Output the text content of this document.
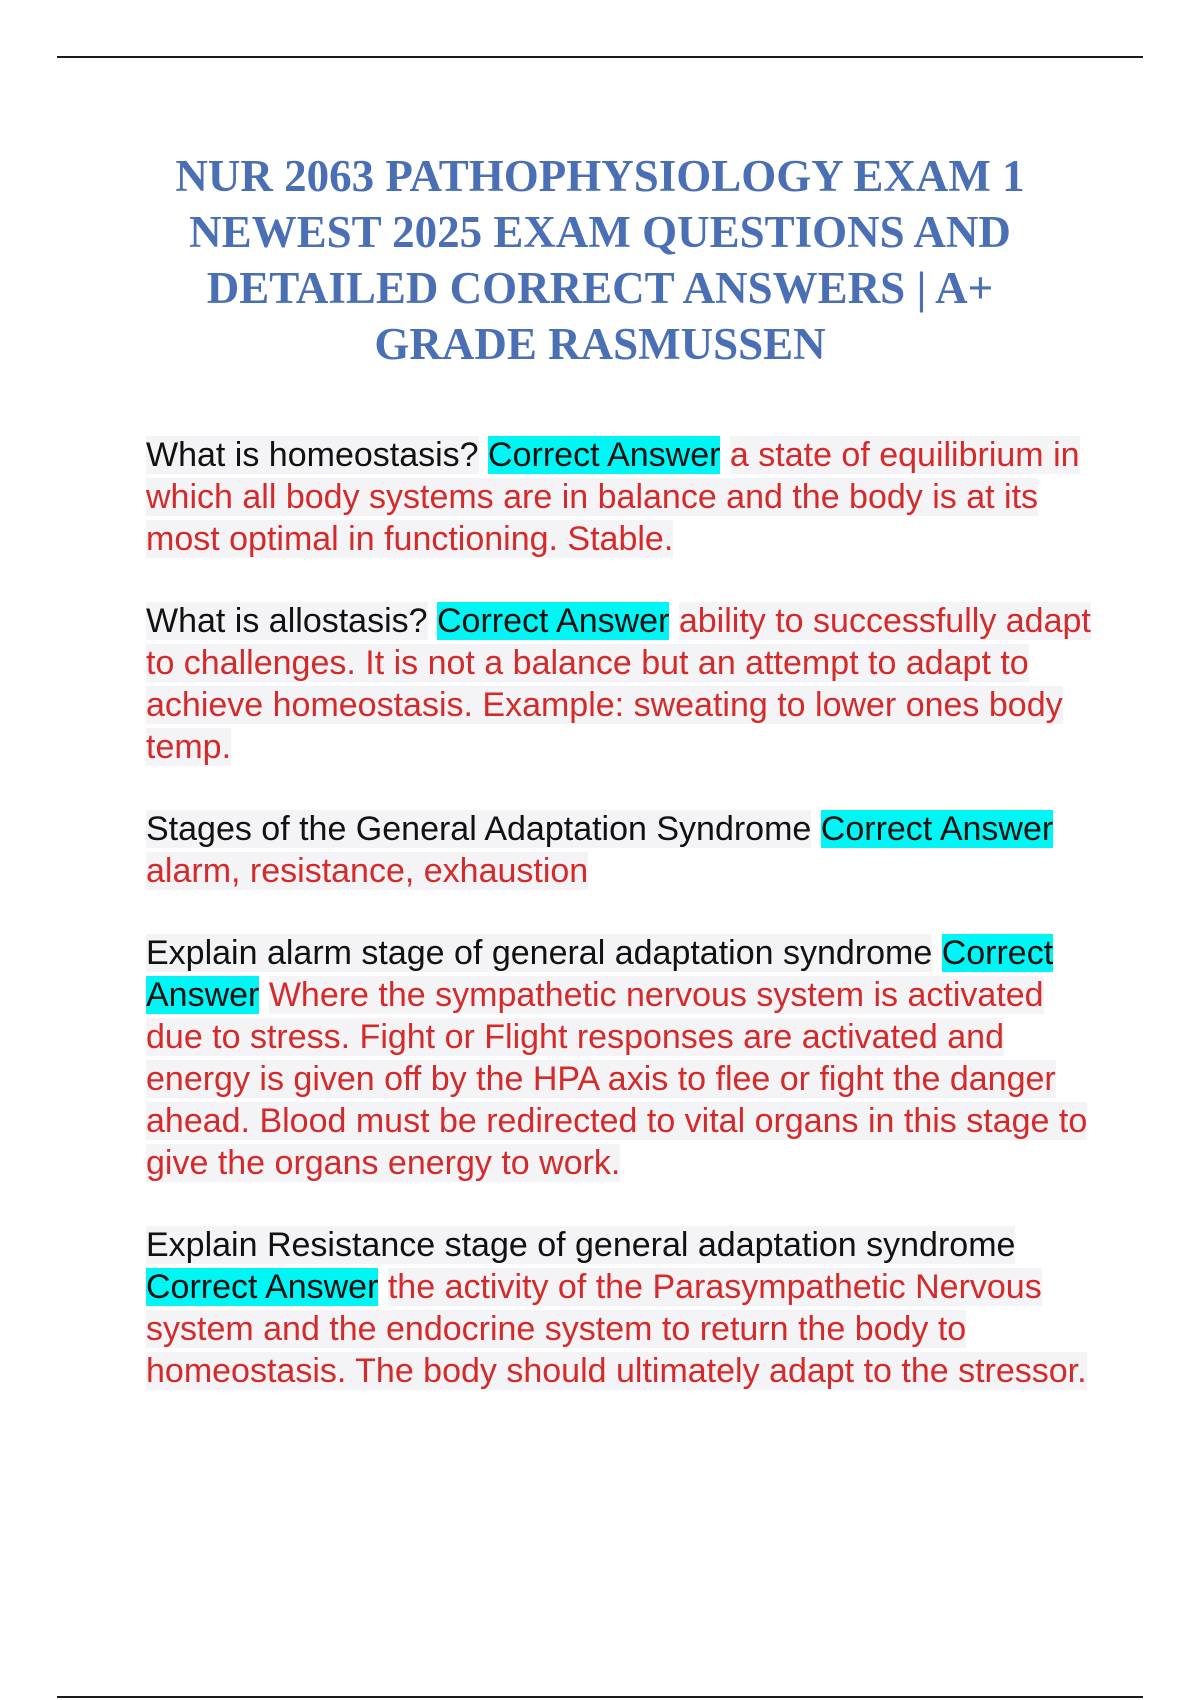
NUR 2063 PATHOPHYSIOLOGY EXAM 1 NEWEST 2025 EXAM QUESTIONS AND DETAILED CORRECT ANSWERS | A+ GRADE RASMUSSEN

What is homeostasis? Correct Answer a state of equilibrium in which all body systems are in balance and the body is at its most optimal in functioning. Stable.

What is allostasis? Correct Answer ability to successfully adapt to challenges. It is not a balance but an attempt to adapt to achieve homeostasis. Example: sweating to lower ones body temp.

Stages of the General Adaptation Syndrome Correct Answer alarm, resistance, exhaustion

Explain alarm stage of general adaptation syndrome Correct Answer Where the sympathetic nervous system is activated due to stress. Fight or Flight responses are activated and energy is given off by the HPA axis to flee or fight the danger ahead. Blood must be redirected to vital organs in this stage to give the organs energy to work.

Explain Resistance stage of general adaptation syndrome Correct Answer the activity of the Parasympathetic Nervous system and the endocrine system to return the body to homeostasis. The body should ultimately adapt to the stressor.
